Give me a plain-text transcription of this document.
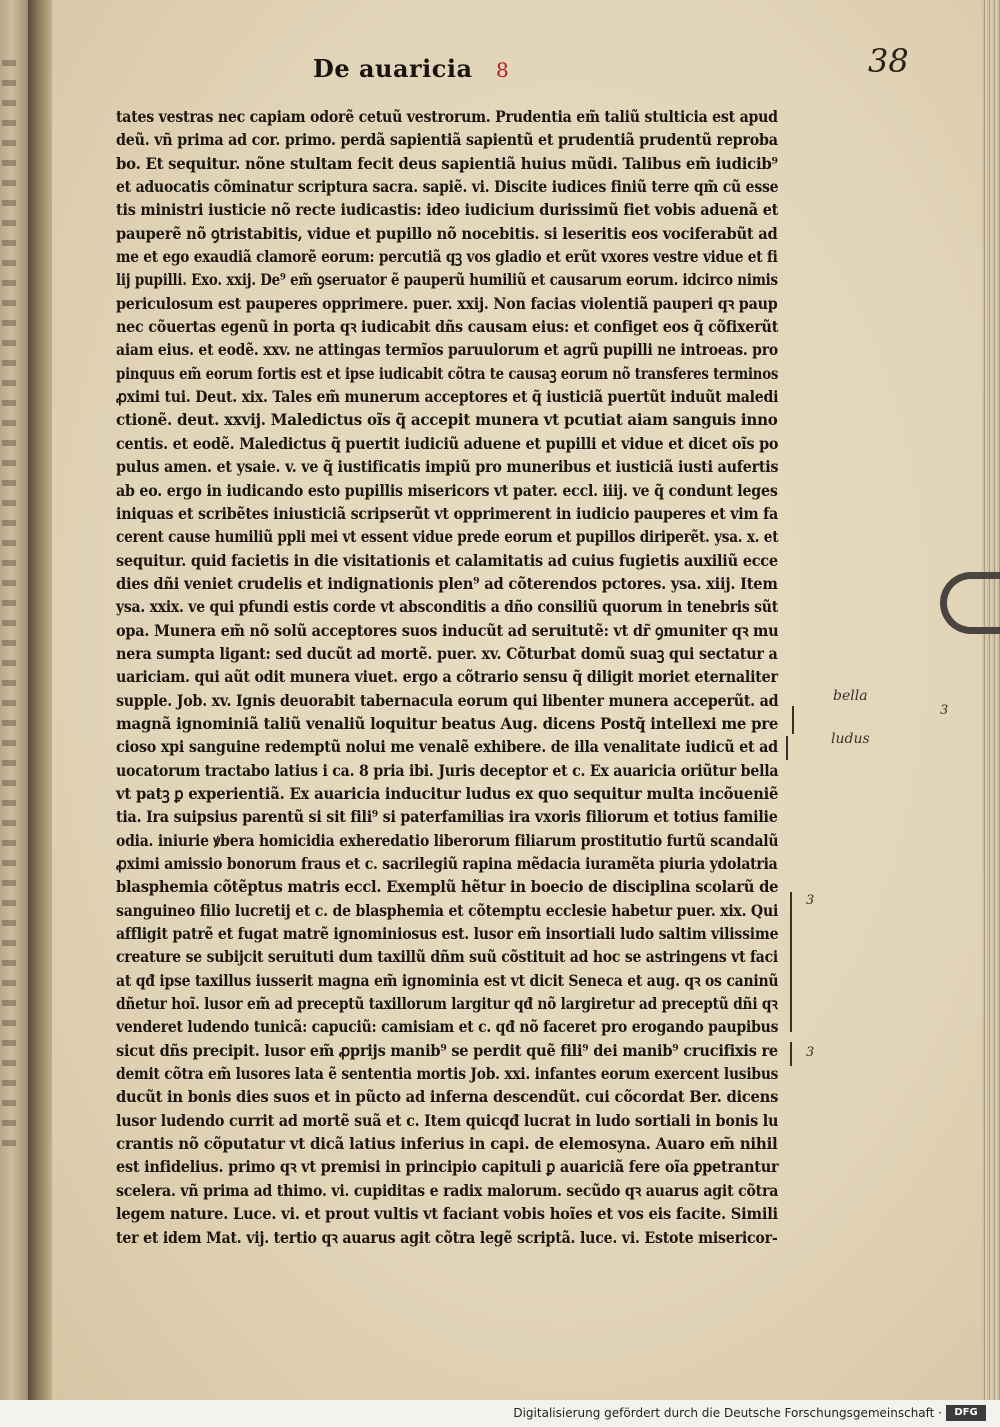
De auaricia 8	38
tates vestras nec capiam odorẽ cetuũ vestrorum. Prudentia em̃ taliũ stulticia est apud
deũ. vñ prima ad cor. primo. perdã sapientiã sapientũ et prudentiã prudentũ reproba
bo. Et sequitur. nõne stultam fecit deus sapientiã huius mũdi. Talibus em̃ iudicib⁹
et aduocatis cõminatur scriptura sacra. sapiẽ. vi. Discite iudices finiũ terre qm̃ cũ esse
tis ministri iusticie nõ recte iudicastis: ideo iudicium durissimũ fiet vobis aduenã et
pauperẽ nõ ꝯtristabitis, vidue et pupillo nõ nocebitis. si leseritis eos vociferabũt ad
me et ego exaudiã clamorẽ eorum: percutiã qꝫ vos gladio et erũt vxores vestre vidue et fi
lij pupilli. Exo. xxij. De⁹ em̃ ꝯseruator ẽ pauperũ humiliũ et causarum eorum. idcirco nimis
periculosum est pauperes opprimere. puer. xxij. Non facias violentiã pauperi qꝛ paup
nec cõuertas egenũ in porta qꝛ iudicabit dñs causam eius: et configet eos q̃ cõfixerũt
aiam eius. et eodẽ. xxv. ne attingas termĩos paruulorum et agrũ pupilli ne introeas. pro
pinquus em̃ eorum fortis est et ipse iudicabit cõtra te causaꝫ eorum nõ transferes terminos
ꝓximi tui. Deut. xix. Tales em̃ munerum acceptores et q̃ iusticiã puertũt induũt maledi
ctionẽ. deut. xxvij. Maledictus oĩs q̃ accepit munera vt pcutiat aiam sanguis inno
centis. et eodẽ. Maledictus q̃ puertit iudiciũ aduene et pupilli et vidue et dicet oĩs po
pulus amen. et ysaie. v. ve q̃ iustificatis impiũ pro muneribus et iusticiã iusti aufertis
ab eo. ergo in iudicando esto pupillis misericors vt pater. eccl. iiij. ve q̃ condunt leges
iniquas et scribẽtes iniusticiã scripserũt vt opprimerent in iudicio pauperes et vim fa
cerent cause humiliũ ppli mei vt essent vidue prede eorum et pupillos diriperẽt. ysa. x. et
sequitur. quid facietis in die visitationis et calamitatis ad cuius fugietis auxiliũ ecce
dies dñi veniet crudelis et indignationis plen⁹ ad cõterendos pctores. ysa. xiij. Item
ysa. xxix. ve qui pfundi estis corde vt absconditis a dño consiliũ quorum in tenebris sũt
opa. Munera em̃ nõ solũ acceptores suos inducũt ad seruitutẽ: vt dr̃ ꝯmuniter qꝛ mu
nera sumpta ligant: sed ducũt ad mortẽ. puer. xv. Cõturbat domũ suaꝫ qui sectatur a
uariciam. qui aũt odit munera viuet. ergo a cõtrario sensu q̃ diligit moriet eternaliter
supple. Job. xv. Ignis deuorabit tabernacula eorum qui libenter munera acceperũt. ad
magnã ignominiã taliũ venaliũ loquitur beatus Aug. dicens Postq̃ intellexi me pre
cioso xpi sanguine redemptũ nolui me venalẽ exhibere. de illa venalitate iudicũ et ad
uocatorum tractabo latius i ca. 8 pria ibi. Juris deceptor et c. Ex auaricia oriũtur bella
vt patꝫ ꝑ experientiã. Ex auaricia inducitur ludus ex quo sequitur multa incõueniẽ
tia. Ira suipsius parentũ si sit fili⁹ si paterfamilias ira vxoris filiorum et totius familie
odia. iniurie ꝟbera homicidia exheredatio liberorum filiarum prostitutio furtũ scandalũ
ꝓximi amissio bonorum fraus et c. sacrilegiũ rapina mẽdacia iuramẽta piuria ydolatria
blasphemia cõtẽptus matris eccl. Exemplũ hẽtur in boecio de disciplina scolarũ de
sanguineo filio lucretij et c. de blasphemia et cõtemptu ecclesie habetur puer. xix. Qui
affligit patrẽ et fugat matrẽ ignominiosus est. lusor em̃ insortiali ludo saltim vilissime
creature se subijcit seruituti dum taxillũ dñm suũ cõstituit ad hoc se astringens vt faci
at qđ ipse taxillus iusserit magna em̃ ignominia est vt dicit Seneca et aug. qꝛ os caninũ
dñetur hoĩ. lusor em̃ ad preceptũ taxillorum largitur qđ nõ largiretur ad preceptũ dñi qꝛ
venderet ludendo tunicã: capuciũ: camisiam et c. qđ nõ faceret pro erogando paupibus
sicut dñs precipit. lusor em̃ ꝓprijs manib⁹ se perdit quẽ fili⁹ dei manib⁹ crucifixis re
demit cõtra em̃ lusores lata ẽ sententia mortis Job. xxi. infantes eorum exercent lusibus
ducũt in bonis dies suos et in pũcto ad inferna descendũt. cui cõcordat Ber. dicens
lusor ludendo currit ad mortẽ suã et c. Item quicqđ lucrat in ludo sortiali in bonis lu
crantis nõ cõputatur vt dicã latius inferius in capi. de elemosyna. Auaro em̃ nihil
est infidelius. primo qꝛ vt premisi in principio capituli ꝑ auariciã fere oĩa ꝑpetrantur
scelera. vñ prima ad thimo. vi. cupiditas e radix malorum. secũdo qꝛ auarus agit cõtra
legem nature. Luce. vi. et prout vultis vt faciant vobis hoĩes et vos eis facite. Simili
ter et idem Mat. vij. tertio qꝛ auarus agit cõtra legẽ scriptã. luce. vi. Estote misericor-
bella
3
ludus
3
3
Digitalisierung gefördert durch die Deutsche Forschungsgemeinschaft ·	DFG
